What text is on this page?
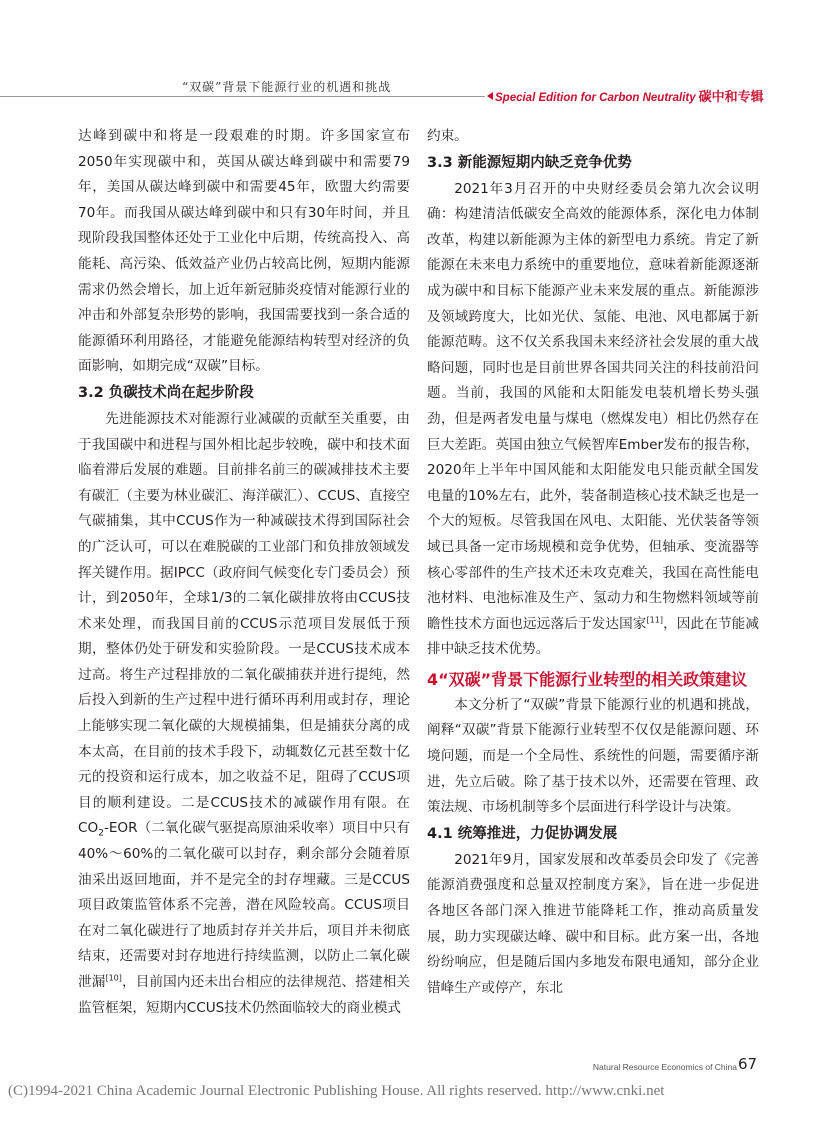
“双碳”背景下能源行业的机遇和挑战
Special Edition for Carbon Neutrality 碳中和专辑

达峰到碳中和将是一段艰难的时期。许多国家宣布2050年实现碳中和，英国从碳达峰到碳中和需要79年，美国从碳达峰到碳中和需要45年，欧盟大约需要70年。而我国从碳达峰到碳中和只有30年时间，并且现阶段我国整体还处于工业化中后期，传统高投入、高能耗、高污染、低效益产业仍占较高比例，短期内能源需求仍然会增长，加上近年新冠肺炎疫情对能源行业的冲击和外部复杂形势的影响，我国需要找到一条合适的能源循环利用路径，才能避免能源结构转型对经济的负面影响，如期完成“双碳”目标。

3.2 负碳技术尚在起步阶段

先进能源技术对能源行业减碳的贡献至关重要，由于我国碳中和进程与国外相比起步较晚，碳中和技术面临着滞后发展的难题。目前排名前三的碳减排技术主要有碳汇（主要为林业碳汇、海洋碳汇）、CCUS、直接空气碳捕集，其中CCUS作为一种减碳技术得到国际社会的广泛认可，可以在难脱碳的工业部门和负排放领域发挥关键作用。据IPCC（政府间气候变化专门委员会）预计，到2050年，全球1/3的二氧化碳排放将由CCUS技术来处理，而我国目前的CCUS示范项目发展低于预期，整体仍处于研发和实验阶段。一是CCUS技术成本过高。将生产过程排放的二氧化碳捕获并进行提纯，然后投入到新的生产过程中进行循环再利用或封存，理论上能够实现二氧化碳的大规模捕集，但是捕获分离的成本太高，在目前的技术手段下，动辄数亿元甚至数十亿元的投资和运行成本，加之收益不足，阻碍了CCUS项目的顺利建设。二是CCUS技术的减碳作用有限。在$CO_2-EOR$（二氧化碳气驱提高原油采收率）项目中只有40%～60%的二氧化碳可以封存，剩余部分会随着原油采出返回地面，并不是完全的封存埋藏。三是CCUS项目政策监管体系不完善，潜在风险较高。CCUS项目在对二氧化碳进行了地质封存并关井后，项目并未彻底结束，还需要对封存地进行持续监测，以防止二氧化碳泄漏[10]，目前国内还未出台相应的法律规范、搭建相关监管框架，短期内CCUS技术仍然面临较大的商业模式

约束。

3.3 新能源短期内缺乏竞争优势

2021年3月召开的中央财经委员会第九次会议明确：构建清洁低碳安全高效的能源体系，深化电力体制改革，构建以新能源为主体的新型电力系统。肯定了新能源在未来电力系统中的重要地位，意味着新能源逐渐成为碳中和目标下能源产业未来发展的重点。新能源涉及领域跨度大，比如光伏、氢能、电池、风电都属于新能源范畴。这不仅关系我国未来经济社会发展的重大战略问题，同时也是目前世界各国共同关注的科技前沿问题。当前，我国的风能和太阳能发电装机增长势头强劲，但是两者发电量与煤电（燃煤发电）相比仍然存在巨大差距。英国由独立气候智库Ember发布的报告称，2020年上半年中国风能和太阳能发电只能贡献全国发电量的10%左右，此外，装备制造核心技术缺乏也是一个大的短板。尽管我国在风电、太阳能、光伏装备等领域已具备一定市场规模和竞争优势，但轴承、变流器等核心零部件的生产技术还未攻克难关，我国在高性能电池材料、电池标准及生产、氢动力和生物燃料领域等前瞻性技术方面也远远落后于发达国家[11]，因此在节能减排中缺乏技术优势。

4“双碳”背景下能源行业转型的相关政策建议

本文分析了“双碳”背景下能源行业的机遇和挑战，阐释“双碳”背景下能源行业转型不仅仅是能源问题、环境问题，而是一个全局性、系统性的问题，需要循序渐进，先立后破。除了基于技术以外，还需要在管理、政策法规、市场机制等多个层面进行科学设计与决策。

4.1 统筹推进，力促协调发展

2021年9月，国家发展和改革委员会印发了《完善能源消费强度和总量双控制度方案》，旨在进一步促进各地区各部门深入推进节能降耗工作，推动高质量发展，助力实现碳达峰、碳中和目标。此方案一出，各地纷纷响应，但是随后国内多地发布限电通知，部分企业错峰生产或停产，东北

Natural Resource Economics of China 67
(C)1994-2021 China Academic Journal Electronic Publishing House. All rights reserved. http://www.cnki.net
